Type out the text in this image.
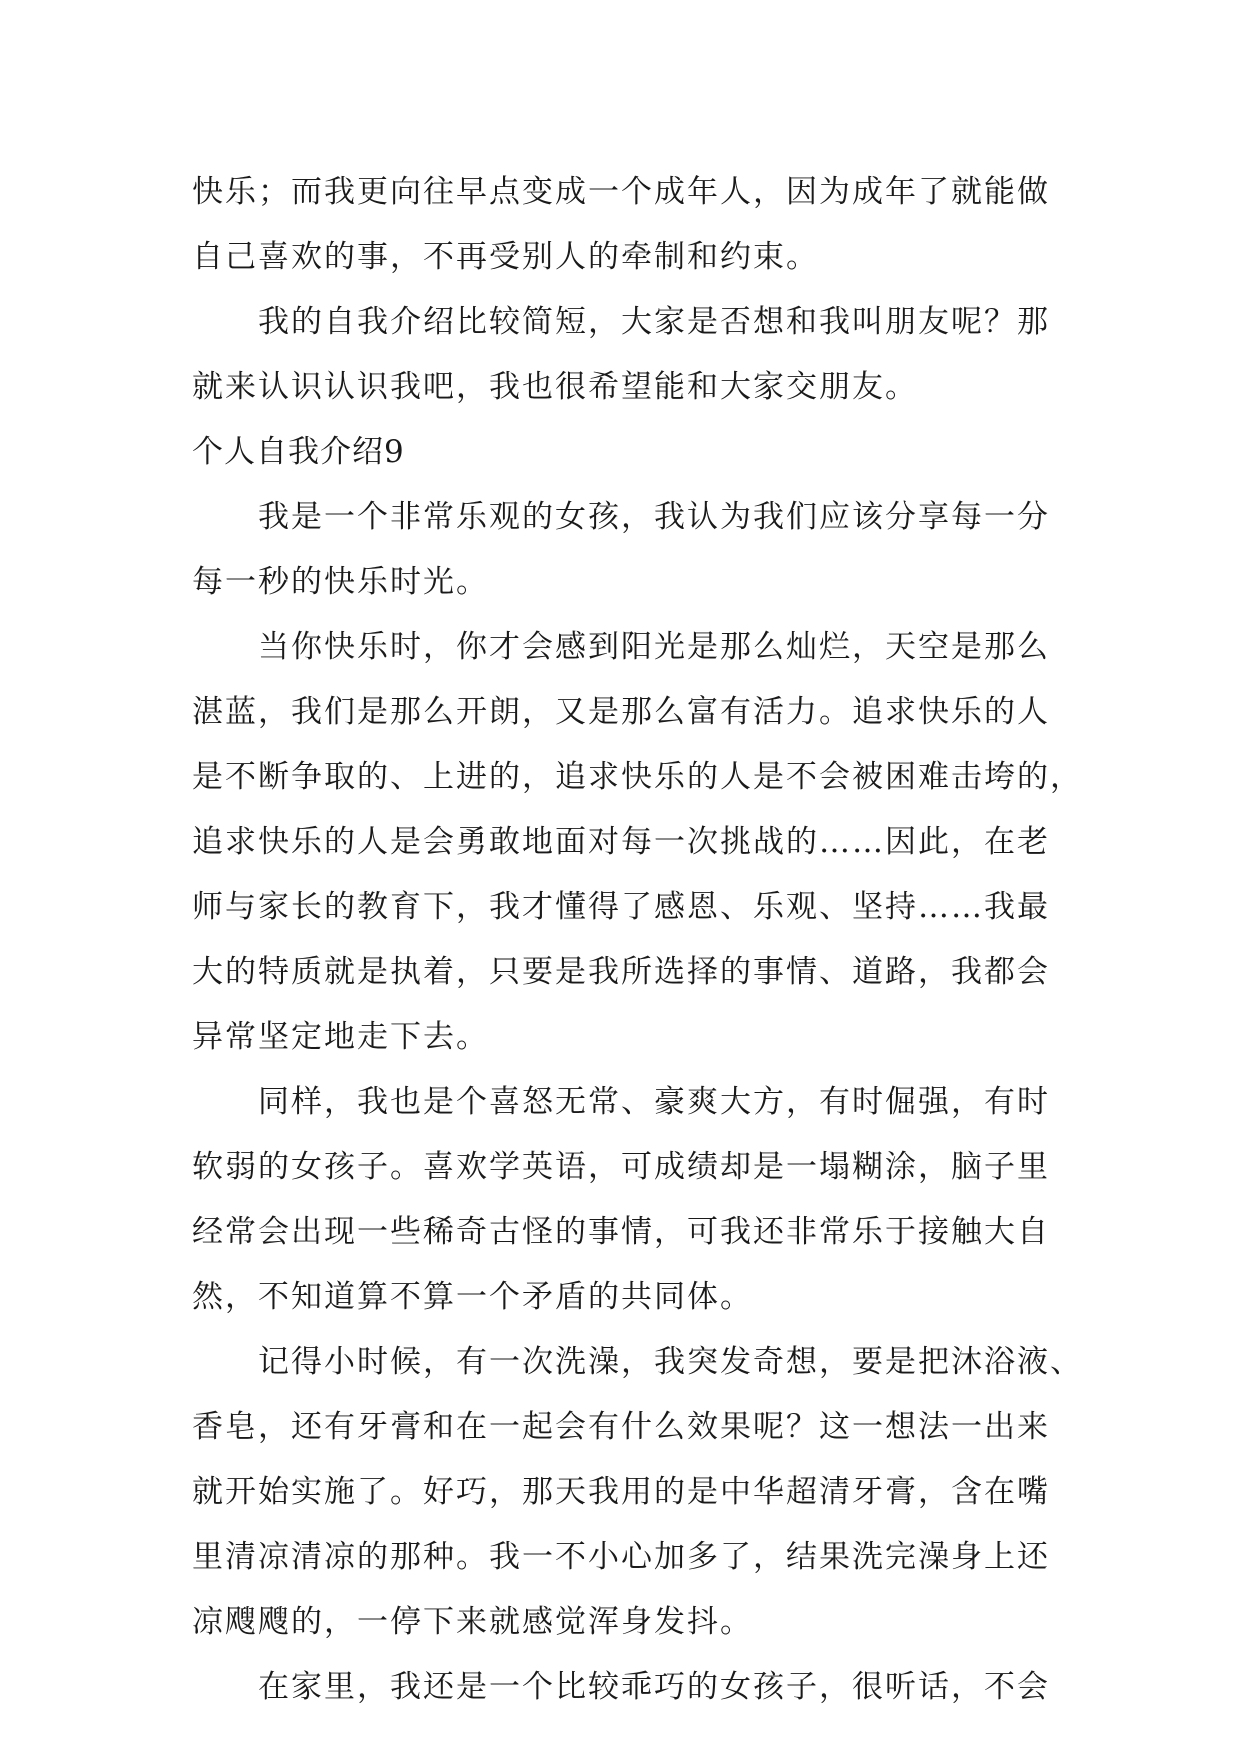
快乐；而我更向往早点变成一个成年人，因为成年了就能做
自己喜欢的事，不再受别人的牵制和约束。
我的自我介绍比较简短，大家是否想和我叫朋友呢？那
就来认识认识我吧，我也很希望能和大家交朋友。
个人自我介绍9
我是一个非常乐观的女孩，我认为我们应该分享每一分
每一秒的快乐时光。
当你快乐时，你才会感到阳光是那么灿烂，天空是那么
湛蓝，我们是那么开朗，又是那么富有活力。追求快乐的人
是不断争取的、上进的，追求快乐的人是不会被困难击垮的，
追求快乐的人是会勇敢地面对每一次挑战的……因此，在老
师与家长的教育下，我才懂得了感恩、乐观、坚持……我最
大的特质就是执着，只要是我所选择的事情、道路，我都会
异常坚定地走下去。
同样，我也是个喜怒无常、豪爽大方，有时倔强，有时
软弱的女孩子。喜欢学英语，可成绩却是一塌糊涂，脑子里
经常会出现一些稀奇古怪的事情，可我还非常乐于接触大自
然，不知道算不算一个矛盾的共同体。
记得小时候，有一次洗澡，我突发奇想，要是把沐浴液、
香皂，还有牙膏和在一起会有什么效果呢？这一想法一出来
就开始实施了。好巧，那天我用的是中华超清牙膏，含在嘴
里清凉清凉的那种。我一不小心加多了，结果洗完澡身上还
凉飕飕的，一停下来就感觉浑身发抖。
在家里，我还是一个比较乖巧的女孩子，很听话，不会
